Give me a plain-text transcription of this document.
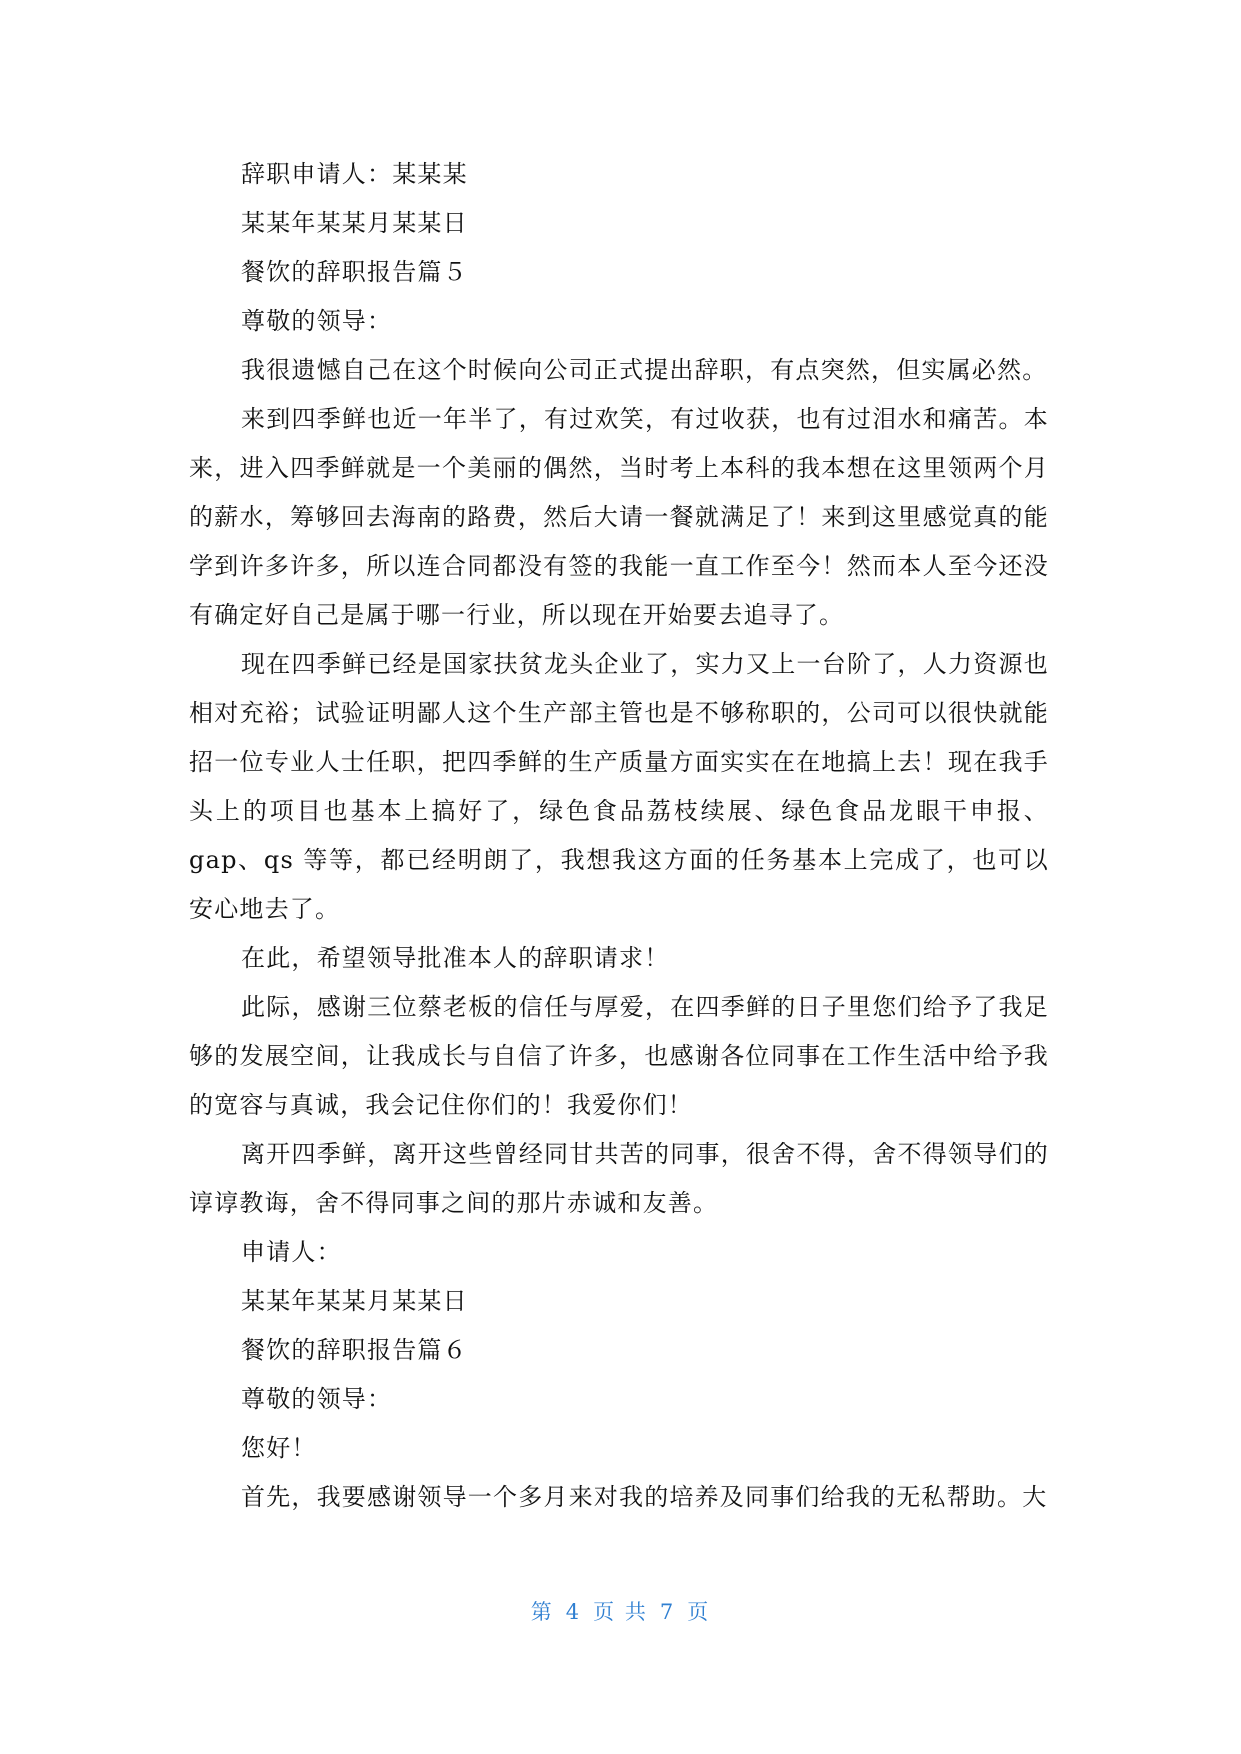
辞职申请人：某某某
某某年某某月某某日
餐饮的辞职报告篇５
尊敬的领导：

我很遗憾自己在这个时候向公司正式提出辞职，有点突然，但实属必然。

来到四季鲜也近一年半了，有过欢笑，有过收获，也有过泪水和痛苦。本来，进入四季鲜就是一个美丽的偶然，当时考上本科的我本想在这里领两个月的薪水，筹够回去海南的路费，然后大请一餐就满足了！来到这里感觉真的能学到许多许多，所以连合同都没有签的我能一直工作至今！然而本人至今还没有确定好自己是属于哪一行业，所以现在开始要去追寻了。

现在四季鲜已经是国家扶贫龙头企业了，实力又上一台阶了，人力资源也相对充裕；试验证明鄙人这个生产部主管也是不够称职的，公司可以很快就能招一位专业人士任职，把四季鲜的生产质量方面实实在在地搞上去！现在我手头上的项目也基本上搞好了，绿色食品荔枝续展、绿色食品龙眼干申报、gap、qs 等等，都已经明朗了，我想我这方面的任务基本上完成了，也可以安心地去了。

在此，希望领导批准本人的辞职请求！

此际，感谢三位蔡老板的信任与厚爱，在四季鲜的日子里您们给予了我足够的发展空间，让我成长与自信了许多，也感谢各位同事在工作生活中给予我的宽容与真诚，我会记住你们的！我爱你们！

离开四季鲜，离开这些曾经同甘共苦的同事，很舍不得，舍不得领导们的谆谆教诲，舍不得同事之间的那片赤诚和友善。

申请人：
某某年某某月某某日
餐饮的辞职报告篇６
尊敬的领导：
您好！

首先，我要感谢领导一个多月来对我的培养及同事们给我的无私帮助。大

第 4 页 共 7 页
